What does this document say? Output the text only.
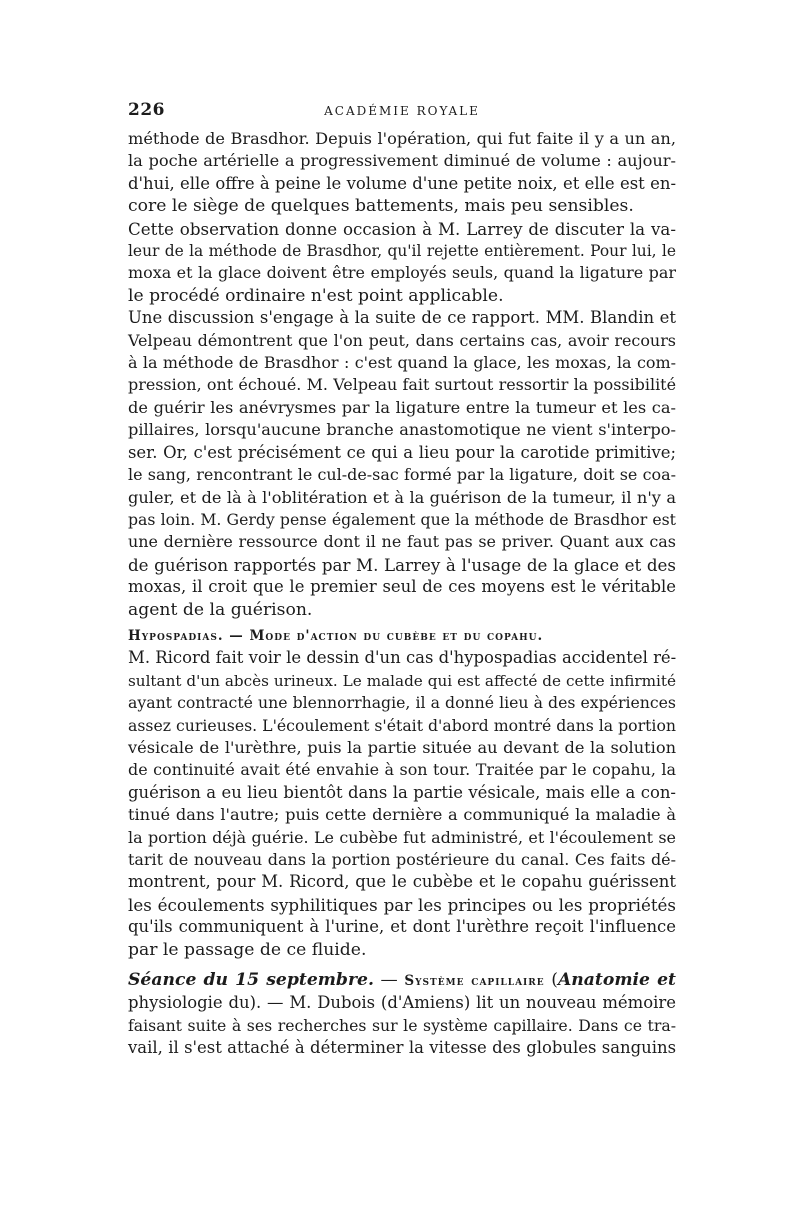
226	ACADÉMIE ROYALE

méthode de Brasdhor. Depuis l'opération, qui fut faite il y a un an,
la poche artérielle a progressivement diminué de volume : aujour-
d'hui, elle offre à peine le volume d'une petite noix, et elle est en-
core le siège de quelques battements, mais peu sensibles.

Cette observation donne occasion à M. Larrey de discuter la va-
leur de la méthode de Brasdhor, qu'il rejette entièrement. Pour lui, le
moxa et la glace doivent être employés seuls, quand la ligature par
le procédé ordinaire n'est point applicable.

Une discussion s'engage à la suite de ce rapport. MM. Blandin et
Velpeau démontrent que l'on peut, dans certains cas, avoir recours
à la méthode de Brasdhor : c'est quand la glace, les moxas, la com-
pression, ont échoué. M. Velpeau fait surtout ressortir la possibilité
de guérir les anévrysmes par la ligature entre la tumeur et les ca-
pillaires, lorsqu'aucune branche anastomotique ne vient s'interpo-
ser. Or, c'est précisément ce qui a lieu pour la carotide primitive;
le sang, rencontrant le cul-de-sac formé par la ligature, doit se coa-
guler, et de là à l'oblitération et à la guérison de la tumeur, il n'y a
pas loin. M. Gerdy pense également que la méthode de Brasdhor est
une dernière ressource dont il ne faut pas se priver. Quant aux cas
de guérison rapportés par M. Larrey à l'usage de la glace et des
moxas, il croit que le premier seul de ces moyens est le véritable
agent de la guérison.

Hypospadias. — Mode d'action du cubèbe et du copahu.

M. Ricord fait voir le dessin d'un cas d'hypospadias accidentel ré-
sultant d'un abcès urineux. Le malade qui est affecté de cette infirmité
ayant contracté une blennorrhagie, il a donné lieu à des expériences
assez curieuses. L'écoulement s'était d'abord montré dans la portion
vésicale de l'urèthre, puis la partie située au devant de la solution
de continuité avait été envahie à son tour. Traitée par le copahu, la
guérison a eu lieu bientôt dans la partie vésicale, mais elle a con-
tinué dans l'autre; puis cette dernière a communiqué la maladie à
la portion déjà guérie. Le cubèbe fut administré, et l'écoulement se
tarit de nouveau dans la portion postérieure du canal. Ces faits dé-
montrent, pour M. Ricord, que le cubèbe et le copahu guérissent
les écoulements syphilitiques par les principes ou les propriétés
qu'ils communiquent à l'urine, et dont l'urèthre reçoit l'influence
par le passage de ce fluide.

Séance du 15 septembre. — Système capillaire (Anatomie et
physiologie du). — M. Dubois (d'Amiens) lit un nouveau mémoire
faisant suite à ses recherches sur le système capillaire. Dans ce tra-
vail, il s'est attaché à déterminer la vitesse des globules sanguins
